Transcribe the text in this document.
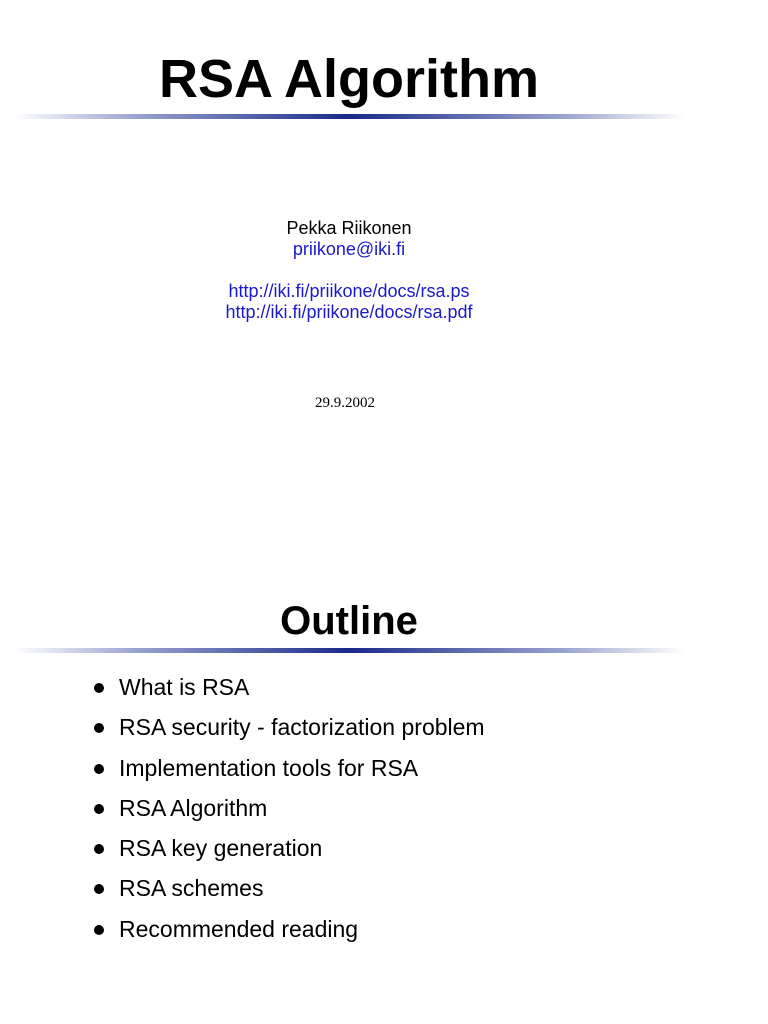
RSA Algorithm
Pekka Riikonen
priikone@iki.fi
http://iki.fi/priikone/docs/rsa.ps
http://iki.fi/priikone/docs/rsa.pdf
29.9.2002
Outline
What is RSA
RSA security - factorization problem
Implementation tools for RSA
RSA Algorithm
RSA key generation
RSA schemes
Recommended reading
